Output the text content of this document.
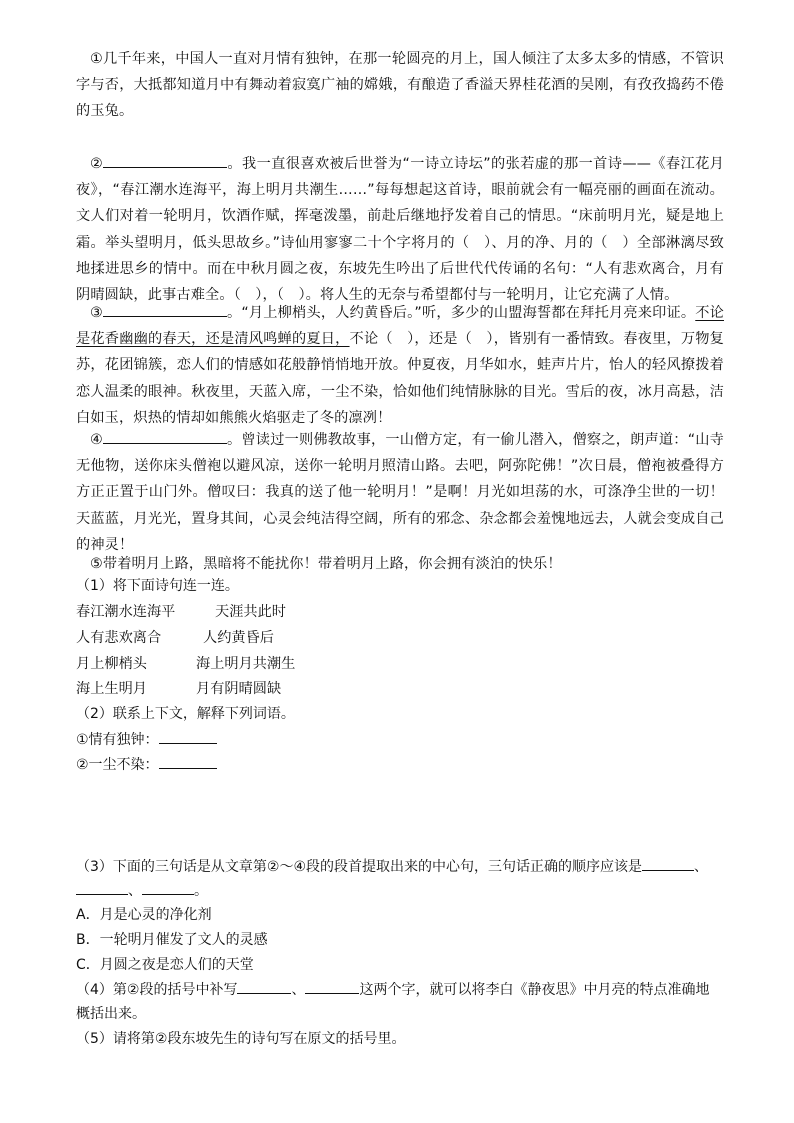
①几千年来，中国人一直对月情有独钟，在那一轮圆亮的月上，国人倾注了太多太多的情感，不管识字与否，大抵都知道月中有舞动着寂寞广袖的嫦娥，有酿造了香溢天界桂花酒的吴刚，有孜孜捣药不倦的玉兔。

②	。我一直很喜欢被后世誉为“一诗立诗坛”的张若虚的那一首诗——《春江花月夜》，“春江潮水连海平，海上明月共潮生……”每每想起这首诗，眼前就会有一幅亮丽的画面在流动。文人们对着一轮明月，饮酒作赋，挥毫泼墨，前赴后继地抒发着自己的情思。“床前明月光，疑是地上霜。举头望明月，低头思故乡。”诗仙用寥寥二十个字将月的（　）、月的净、月的（　）全部淋漓尽致地揉进思乡的情中。而在中秋月圆之夜，东坡先生吟出了后世代代传诵的名句：“人有悲欢离合，月有阴晴圆缺，此事古难全。（　），（　）。将人生的无奈与希望都付与一轮明月，让它充满了人情。

③	。“月上柳梢头，人约黄昏后。”听，多少的山盟海誓都在拜托月亮来印证。不论是花香幽幽的春天，还是清风鸣蝉的夏日，不论（　），还是（　），皆别有一番情致。春夜里，万物复苏，花团锦簇，恋人们的情感如花般静悄悄地开放。仲夏夜，月华如水，蛙声片片，怡人的轻风撩拨着恋人温柔的眼神。秋夜里，天蓝入席，一尘不染，恰如他们纯情脉脉的目光。雪后的夜，冰月高悬，洁白如玉，炽热的情却如熊熊火焰驱走了冬的凛冽！

④	。曾读过一则佛教故事，一山僧方定，有一偷儿潜入，僧察之，朗声道：“山寺无他物，送你床头僧袍以避风凉，送你一轮明月照清山路。去吧，阿弥陀佛！”次日晨，僧袍被叠得方方正正置于山门外。僧叹曰：我真的送了他一轮明月！”是啊！月光如坦荡的水，可涤净尘世的一切！天蓝蓝，月光光，置身其间，心灵会纯洁得空阔，所有的邪念、杂念都会羞愧地远去，人就会变成自己的神灵！

⑤带着明月上路，黑暗将不能扰你！带着明月上路，你会拥有淡泊的快乐！

（1）将下面诗句连一连。

春江潮水连海平	天涯共此时

人有悲欢离合	人约黄昏后

月上柳梢头	海上明月共潮生

海上生明月	月有阴晴圆缺

（2）联系上下文，解释下列词语。

①情有独钟：

②一尘不染：

（3）下面的三句话是从文章第②～④段的段首提取出来的中心句，三句话正确的顺序应该是	、

、	。

A．月是心灵的净化剂

B．一轮明月催发了文人的灵感

C．月圆之夜是恋人们的天堂

（4）第②段的括号中补写	、	这两个字，就可以将李白《静夜思》中月亮的特点准确地

概括出来。

（5）请将第②段东坡先生的诗句写在原文的括号里。
